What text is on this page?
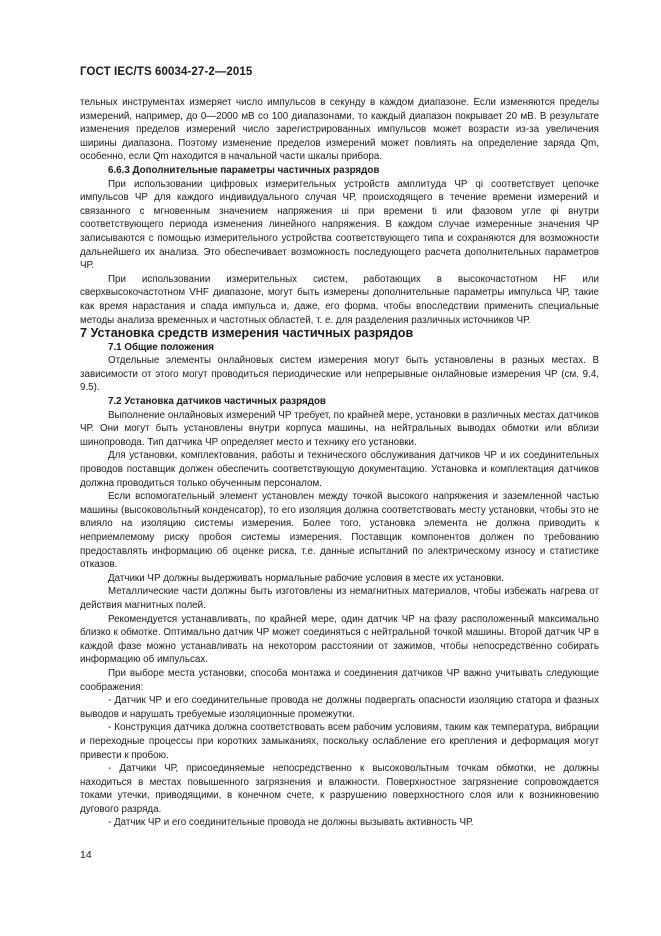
ГОСТ IEC/TS 60034-27-2—2015

тельных инструментах измеряет число импульсов в секунду в каждом диапазоне. Если изменяются пределы измерений, например, до 0—2000 мВ со 100 диапазонами, то каждый диапазон покрывает 20 мВ. В результате изменения пределов измерений число зарегистрированных импульсов может возрасти из-за увеличения ширины диапазона. Поэтому изменение пределов измерений может повлиять на определение заряда Qm, особенно, если Qm находится в начальной части шкалы прибора.

6.6.3 Дополнительные параметры частичных разрядов

При использовании цифровых измерительных устройств амплитуда ЧР qi соответствует цепочке импульсов ЧР для каждого индивидуального случая ЧР, происходящего в течение времени измерений и связанного с мгновенным значением напряжения ui при времени ti или фазовом угле φi внутри соответствующего периода изменения линейного напряжения. В каждом случае измеренные значения ЧР записываются с помощью измерительного устройства соответствующего типа и сохраняются для возможности дальнейшего их анализа. Это обеспечивает возможность последующего расчета дополнительных параметров ЧР.

При использовании измерительных систем, работающих в высокочастотном HF или сверхвысокочастотном VHF диапазоне, могут быть измерены дополнительные параметры импульса ЧР, такие как время нарастания и спада импульса и, даже, его форма, чтобы впоследствии применить специальные методы анализа временных и частотных областей, т. е. для разделения различных источников ЧР.

7 Установка средств измерения частичных разрядов

7.1 Общие положения

Отдельные элементы онлайновых систем измерения могут быть установлены в разных местах. В зависимости от этого могут проводиться периодические или непрерывные онлайновые измерения ЧР (см. 9.4, 9.5).

7.2 Установка датчиков частичных разрядов

Выполнение онлайновых измерений ЧР требует, по крайней мере, установки в различных местах датчиков ЧР. Они могут быть установлены внутри корпуса машины, на нейтральных выводах обмотки или вблизи шинопровода. Тип датчика ЧР определяет место и технику его установки.

Для установки, комплектования, работы и технического обслуживания датчиков ЧР и их соединительных проводов поставщик должен обеспечить соответствующую документацию. Установка и комплектация датчиков должна проводиться только обученным персоналом.

Если вспомогательный элемент установлен между точкой высокого напряжения и заземленной частью машины (высоковольтный конденсатор), то его изоляция должна соответствовать месту установки, чтобы это не влияло на изоляцию системы измерения. Более того, установка элемента не должна приводить к неприемлемому риску пробоя системы измерения. Поставщик компонентов должен по требованию предоставлять информацию об оценке риска, т.е. данные испытаний по электрическому износу и статистике отказов.

Датчики ЧР должны выдерживать нормальные рабочие условия в месте их установки.

Металлические части должны быть изготовлены из немагнитных материалов, чтобы избежать нагрева от действия магнитных полей.

Рекомендуется устанавливать, по крайней мере, один датчик ЧР на фазу расположенный максимально близко к обмотке. Оптимально датчик ЧР может соединяться с нейтральной точкой машины. Второй датчик ЧР в каждой фазе можно устанавливать на некотором расстоянии от зажимов, чтобы непосредственно собирать информацию об импульсах.

При выборе места установки, способа монтажа и соединения датчиков ЧР важно учитывать следующие соображения:

- Датчик ЧР и его соединительные провода не должны подвергать опасности изоляцию статора и фазных выводов и нарушать требуемые изоляционные промежутки.

- Конструкция датчика должна соответствовать всем рабочим условиям, таким как температура, вибрации и переходные процессы при коротких замыканиях, поскольку ослабление его крепления и деформация могут привести к пробою.

- Датчики ЧР, присоединяемые непосредственно к высоковольтным точкам обмотки, не должны находиться в местах повышенного загрязнения и влажности. Поверхностное загрязнение сопровождается токами утечки, приводящими, в конечном счете, к разрушению поверхностного слоя или к возникновению дугового разряда.

- Датчик ЧР и его соединительные провода не должны вызывать активность ЧР.

14
